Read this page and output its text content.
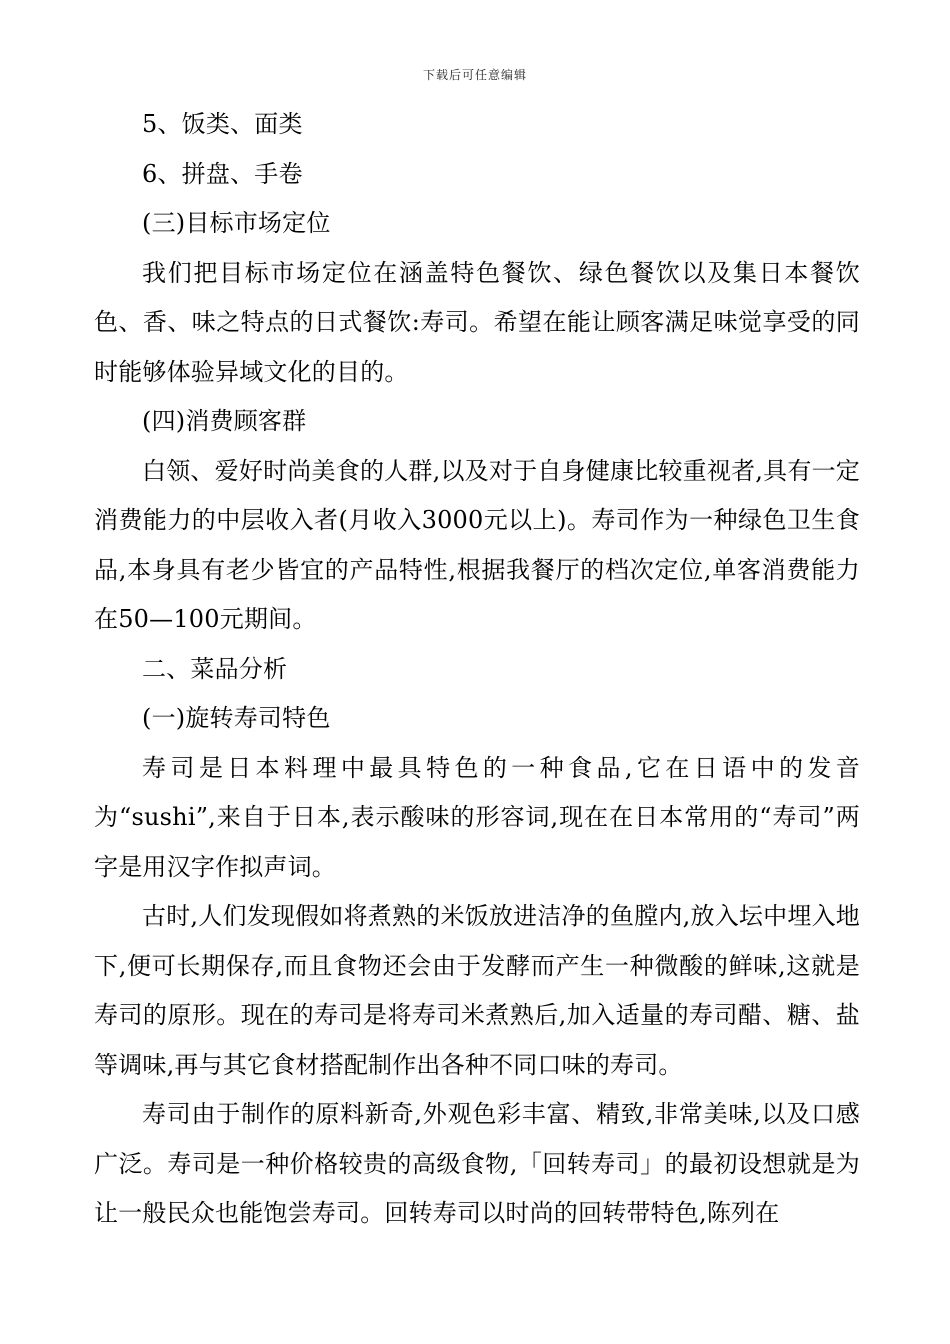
下载后可任意编辑

5、饭类、面类

6、拼盘、手卷

(三)目标市场定位

我们把目标市场定位在涵盖特色餐饮、绿色餐饮以及集日本餐饮色、香、味之特点的日式餐饮:寿司。希望在能让顾客满足味觉享受的同时能够体验异域文化的目的。

(四)消费顾客群

白领、爱好时尚美食的人群,以及对于自身健康比较重视者,具有一定消费能力的中层收入者(月收入3000元以上)。寿司作为一种绿色卫生食品,本身具有老少皆宜的产品特性,根据我餐厅的档次定位,单客消费能力在50—100元期间。

二、菜品分析

(一)旋转寿司特色

寿司是日本料理中最具特色的一种食品,它在日语中的发音为“sushi”,来自于日本,表示酸味的形容词,现在在日本常用的“寿司”两字是用汉字作拟声词。

古时,人们发现假如将煮熟的米饭放进洁净的鱼膛内,放入坛中埋入地下,便可长期保存,而且食物还会由于发酵而产生一种微酸的鲜味,这就是寿司的原形。现在的寿司是将寿司米煮熟后,加入适量的寿司醋、糖、盐等调味,再与其它食材搭配制作出各种不同口味的寿司。

寿司由于制作的原料新奇,外观色彩丰富、精致,非常美味,以及口感广泛。寿司是一种价格较贵的高级食物,「回转寿司」的最初设想就是为让一般民众也能饱尝寿司。回转寿司以时尚的回转带特色,陈列在
